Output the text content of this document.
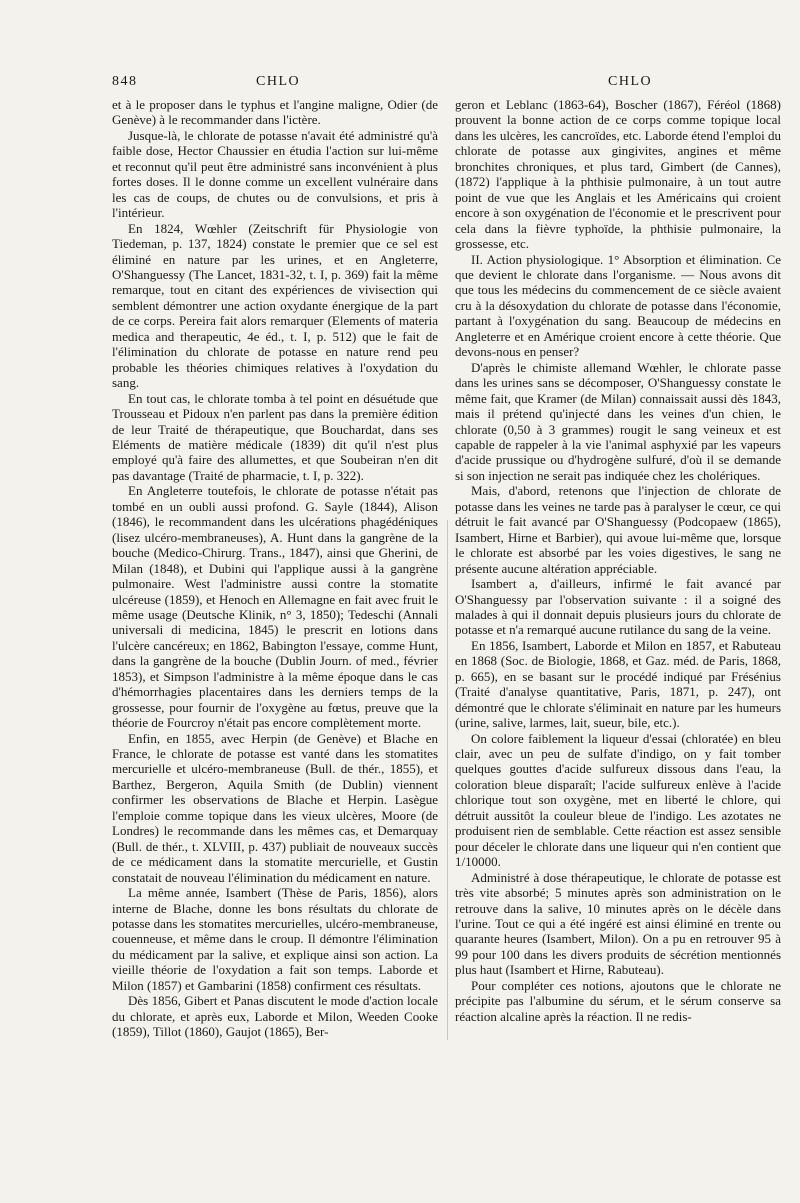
848	CHLO	CHLO

et à le proposer dans le typhus et l'angine maligne, Odier (de Genève) à le recommander dans l'ictère.

Jusque-là, le chlorate de potasse n'avait été administré qu'à faible dose, Hector Chaussier en étudia l'action sur lui-même et reconnut qu'il peut être administré sans inconvénient à plus fortes doses. Il le donne comme un excellent vulnéraire dans les cas de coups, de chutes ou de convulsions, et pris à l'intérieur.

En 1824, Wœhler (Zeitschrift für Physiologie von Tiedeman, p. 137, 1824) constate le premier que ce sel est éliminé en nature par les urines, et en Angleterre, O'Shanguessy (The Lancet, 1831-32, t. I, p. 369) fait la même remarque, tout en citant des expériences de vivisection qui semblent démontrer une action oxydante énergique de la part de ce corps. Pereira fait alors remarquer (Elements of materia medica and therapeutic, 4e éd., t. I, p. 512) que le fait de l'élimination du chlorate de potasse en nature rend peu probable les théories chimiques relatives à l'oxydation du sang.

En tout cas, le chlorate tomba à tel point en désuétude que Trousseau et Pidoux n'en parlent pas dans la première édition de leur Traité de thérapeutique, que Bouchardat, dans ses Eléments de matière médicale (1839) dit qu'il n'est plus employé qu'à faire des allumettes, et que Soubeiran n'en dit pas davantage (Traité de pharmacie, t. I, p. 322).

En Angleterre toutefois, le chlorate de potasse n'était pas tombé en un oubli aussi profond. G. Sayle (1844), Alison (1846), le recommandent dans les ulcérations phagédéniques (lisez ulcéro-membraneuses), A. Hunt dans la gangrène de la bouche (Medico-Chirurg. Trans., 1847), ainsi que Gherini, de Milan (1848), et Dubini qui l'applique aussi à la gangrène pulmonaire. West l'administre aussi contre la stomatite ulcéreuse (1859), et Henoch en Allemagne en fait avec fruit le même usage (Deutsche Klinik, n° 3, 1850); Tedeschi (Annali universali di medicina, 1845) le prescrit en lotions dans l'ulcère cancéreux; en 1862, Babington l'essaye, comme Hunt, dans la gangrène de la bouche (Dublin Journ. of med., février 1853), et Simpson l'administre à la même époque dans le cas d'hémorrhagies placentaires dans les derniers temps de la grossesse, pour fournir de l'oxygène au fœtus, preuve que la théorie de Fourcroy n'était pas encore complètement morte.

Enfin, en 1855, avec Herpin (de Genève) et Blache en France, le chlorate de potasse est vanté dans les stomatites mercurielle et ulcéro-membraneuse (Bull. de thér., 1855), et Barthez, Bergeron, Aquila Smith (de Dublin) viennent confirmer les observations de Blache et Herpin. Lasègue l'emploie comme topique dans les vieux ulcères, Moore (de Londres) le recommande dans les mêmes cas, et Demarquay (Bull. de thér., t. XLVIII, p. 437) publiait de nouveaux succès de ce médicament dans la stomatite mercurielle, et Gustin constatait de nouveau l'élimination du médicament en nature.

La même année, Isambert (Thèse de Paris, 1856), alors interne de Blache, donne les bons résultats du chlorate de potasse dans les stomatites mercurielles, ulcéro-membraneuse, couenneuse, et même dans le croup. Il démontre l'élimination du médicament par la salive, et explique ainsi son action. La vieille théorie de l'oxydation a fait son temps. Laborde et Milon (1857) et Gambarini (1858) confirment ces résultats.

Dès 1856, Gibert et Panas discutent le mode d'action locale du chlorate, et après eux, Laborde et Milon, Weeden Cooke (1859), Tillot (1860), Gaujot (1865), Ber-

geron et Leblanc (1863-64), Boscher (1867), Féréol (1868) prouvent la bonne action de ce corps comme topique local dans les ulcères, les cancroïdes, etc. Laborde étend l'emploi du chlorate de potasse aux gingivites, angines et même bronchites chroniques, et plus tard, Gimbert (de Cannes), (1872) l'applique à la phthisie pulmonaire, à un tout autre point de vue que les Anglais et les Américains qui croient encore à son oxygénation de l'économie et le prescrivent pour cela dans la fièvre typhoïde, la phthisie pulmonaire, la grossesse, etc.

II. Action physiologique. 1° Absorption et élimination. Ce que devient le chlorate dans l'organisme. — Nous avons dit que tous les médecins du commencement de ce siècle avaient cru à la désoxydation du chlorate de potasse dans l'économie, partant à l'oxygénation du sang. Beaucoup de médecins en Angleterre et en Amérique croient encore à cette théorie. Que devons-nous en penser?

D'après le chimiste allemand Wœhler, le chlorate passe dans les urines sans se décomposer, O'Shanguessy constate le même fait, que Kramer (de Milan) connaissait aussi dès 1843, mais il prétend qu'injecté dans les veines d'un chien, le chlorate (0,50 à 3 grammes) rougit le sang veineux et est capable de rappeler à la vie l'animal asphyxié par les vapeurs d'acide prussique ou d'hydrogène sulfuré, d'où il se demande si son injection ne serait pas indiquée chez les cholériques.

Mais, d'abord, retenons que l'injection de chlorate de potasse dans les veines ne tarde pas à paralyser le cœur, ce qui détruit le fait avancé par O'Shanguessy (Podcopaew (1865), Isambert, Hirne et Barbier), qui avoue lui-même que, lorsque le chlorate est absorbé par les voies digestives, le sang ne présente aucune altération appréciable.

Isambert a, d'ailleurs, infirmé le fait avancé par O'Shanguessy par l'observation suivante : il a soigné des malades à qui il donnait depuis plusieurs jours du chlorate de potasse et n'a remarqué aucune rutilance du sang de la veine.

En 1856, Isambert, Laborde et Milon en 1857, et Rabuteau en 1868 (Soc. de Biologie, 1868, et Gaz. méd. de Paris, 1868, p. 665), en se basant sur le procédé indiqué par Frésénius (Traité d'analyse quantitative, Paris, 1871, p. 247), ont démontré que le chlorate s'éliminait en nature par les humeurs (urine, salive, larmes, lait, sueur, bile, etc.).

On colore faiblement la liqueur d'essai (chloratée) en bleu clair, avec un peu de sulfate d'indigo, on y fait tomber quelques gouttes d'acide sulfureux dissous dans l'eau, la coloration bleue disparaît; l'acide sulfureux enlève à l'acide chlorique tout son oxygène, met en liberté le chlore, qui détruit aussitôt la couleur bleue de l'indigo. Les azotates ne produisent rien de semblable. Cette réaction est assez sensible pour déceler le chlorate dans une liqueur qui n'en contient que 1/10000.

Administré à dose thérapeutique, le chlorate de potasse est très vite absorbé; 5 minutes après son administration on le retrouve dans la salive, 10 minutes après on le décèle dans l'urine. Tout ce qui a été ingéré est ainsi éliminé en trente ou quarante heures (Isambert, Milon). On a pu en retrouver 95 à 99 pour 100 dans les divers produits de sécrétion mentionnés plus haut (Isambert et Hirne, Rabuteau).

Pour compléter ces notions, ajoutons que le chlorate ne précipite pas l'albumine du sérum, et le sérum conserve sa réaction alcaline après la réaction. Il ne redis-
